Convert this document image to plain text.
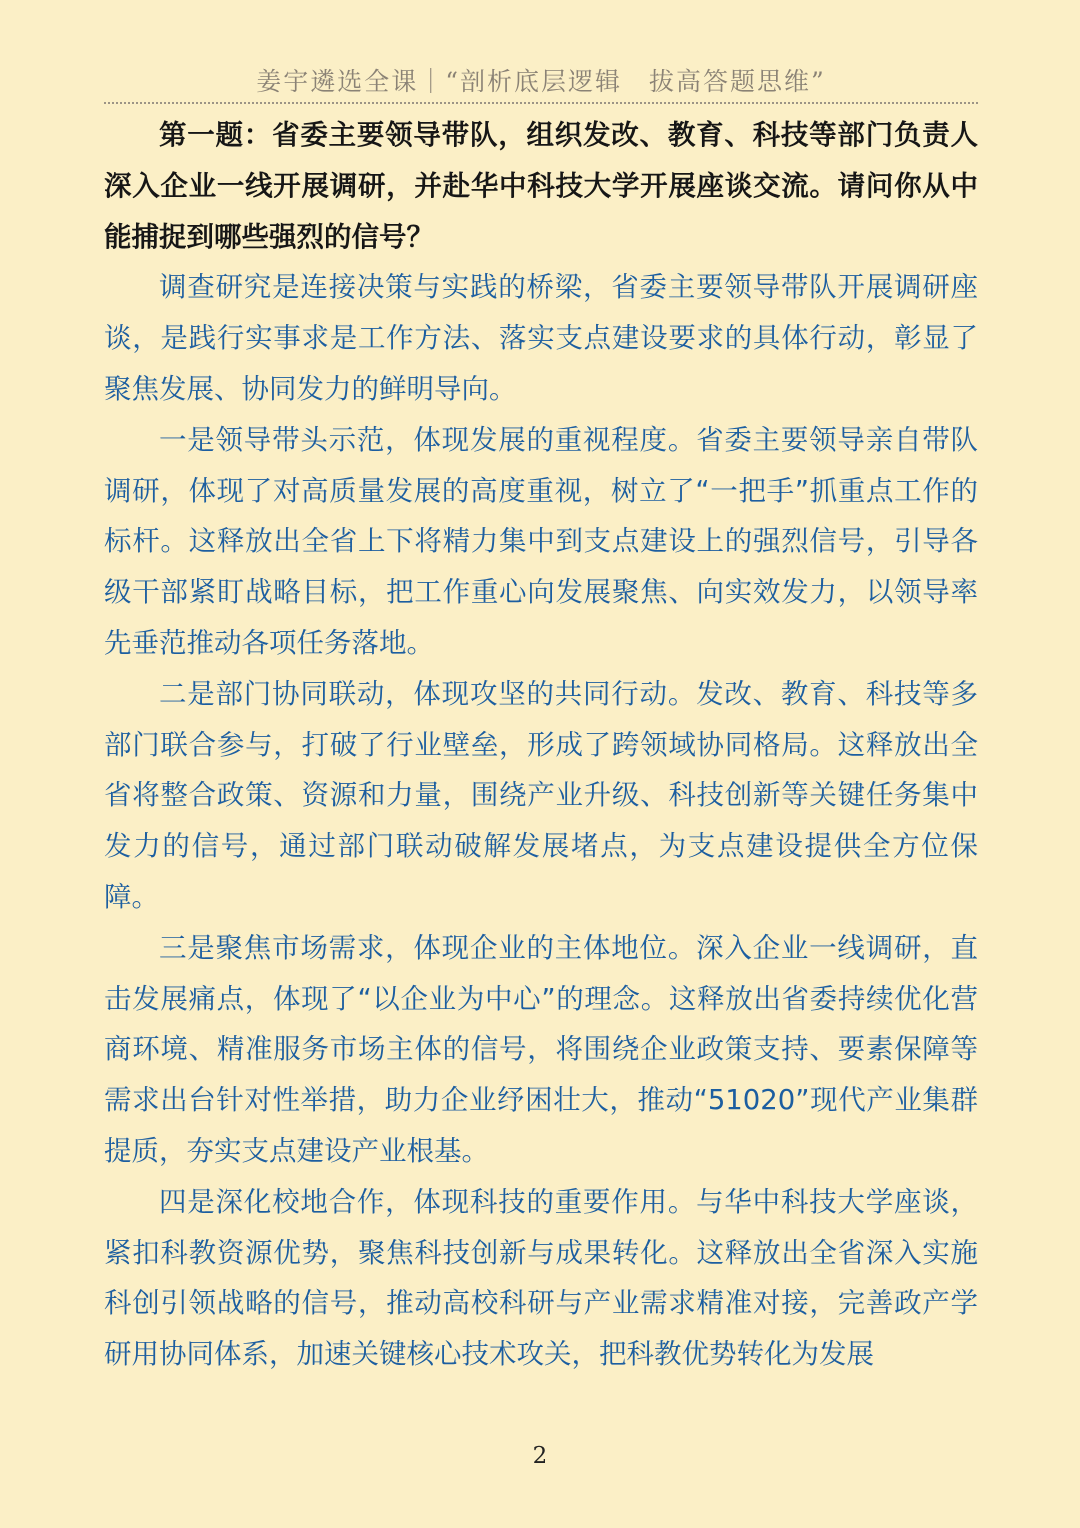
姜宇遴选全课｜“剖析底层逻辑　拔高答题思维”

第一题：省委主要领导带队，组织发改、教育、科技等部门负责人深入企业一线开展调研，并赴华中科技大学开展座谈交流。请问你从中能捕捉到哪些强烈的信号？

调查研究是连接决策与实践的桥梁，省委主要领导带队开展调研座谈，是践行实事求是工作方法、落实支点建设要求的具体行动，彰显了聚焦发展、协同发力的鲜明导向。

一是领导带头示范，体现发展的重视程度。省委主要领导亲自带队调研，体现了对高质量发展的高度重视，树立了“一把手”抓重点工作的标杆。这释放出全省上下将精力集中到支点建设上的强烈信号，引导各级干部紧盯战略目标，把工作重心向发展聚焦、向实效发力，以领导率先垂范推动各项任务落地。

二是部门协同联动，体现攻坚的共同行动。发改、教育、科技等多部门联合参与，打破了行业壁垒，形成了跨领域协同格局。这释放出全省将整合政策、资源和力量，围绕产业升级、科技创新等关键任务集中发力的信号，通过部门联动破解发展堵点，为支点建设提供全方位保障。

三是聚焦市场需求，体现企业的主体地位。深入企业一线调研，直击发展痛点，体现了“以企业为中心”的理念。这释放出省委持续优化营商环境、精准服务市场主体的信号，将围绕企业政策支持、要素保障等需求出台针对性举措，助力企业纾困壮大，推动“51020”现代产业集群提质，夯实支点建设产业根基。

四是深化校地合作，体现科技的重要作用。与华中科技大学座谈，紧扣科教资源优势，聚焦科技创新与成果转化。这释放出全省深入实施科创引领战略的信号，推动高校科研与产业需求精准对接，完善政产学研用协同体系，加速关键核心技术攻关，把科教优势转化为发展

2
